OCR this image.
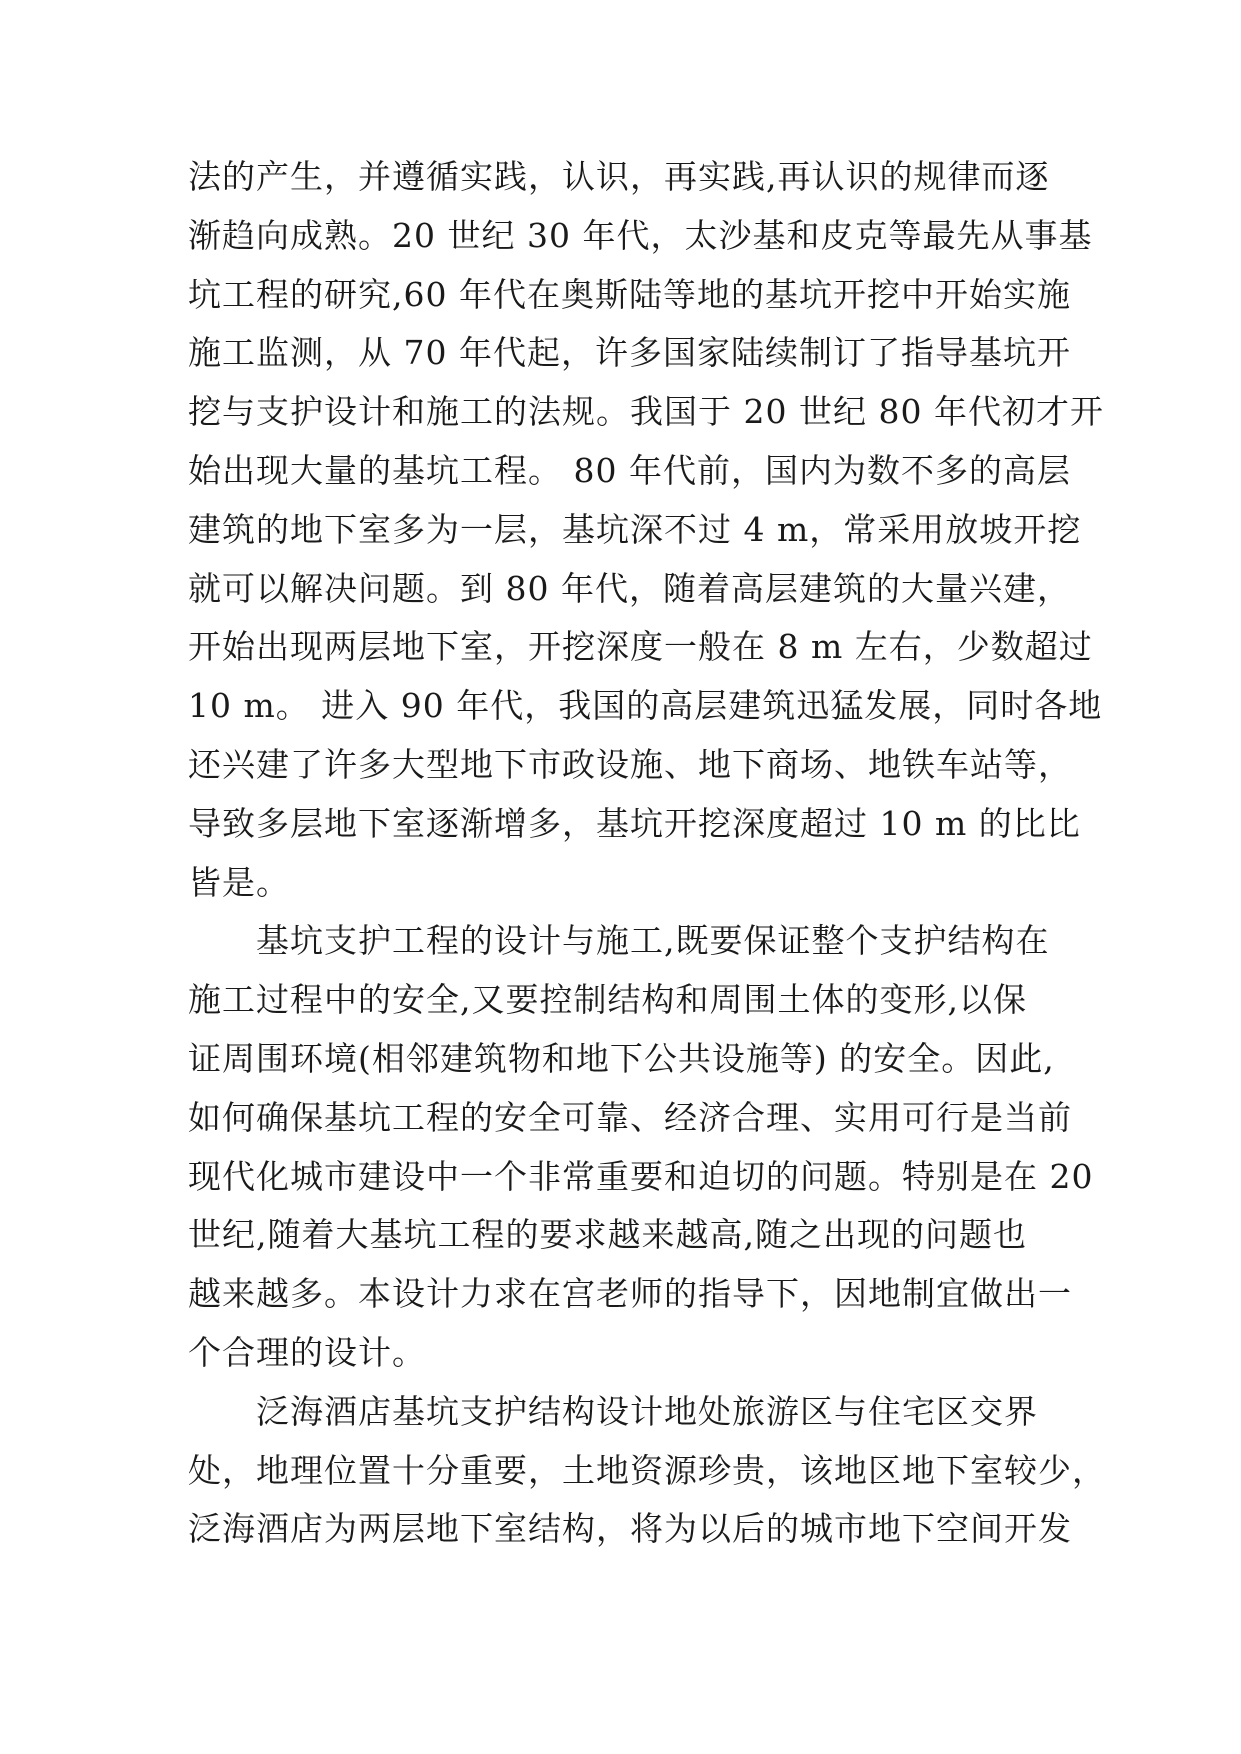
法的产生，并遵循实践，认识，再实践,再认识的规律而逐
渐趋向成熟。20 世纪 30 年代，太沙基和皮克等最先从事基
坑工程的研究,60 年代在奥斯陆等地的基坑开挖中开始实施
施工监测，从 70 年代起，许多国家陆续制订了指导基坑开
挖与支护设计和施工的法规。我国于 20 世纪 80 年代初才开
始出现大量的基坑工程。 80 年代前，国内为数不多的高层
建筑的地下室多为一层，基坑深不过 4 m，常采用放坡开挖
就可以解决问题。到 80 年代，随着高层建筑的大量兴建，
开始出现两层地下室，开挖深度一般在 8 m 左右，少数超过
10 m。 进入 90 年代，我国的高层建筑迅猛发展，同时各地
还兴建了许多大型地下市政设施、地下商场、地铁车站等，
导致多层地下室逐渐增多，基坑开挖深度超过 10 m 的比比
皆是。
基坑支护工程的设计与施工,既要保证整个支护结构在
施工过程中的安全,又要控制结构和周围土体的变形,以保
证周围环境(相邻建筑物和地下公共设施等) 的安全。因此,
如何确保基坑工程的安全可靠、经济合理、实用可行是当前
现代化城市建设中一个非常重要和迫切的问题。特别是在 20
世纪,随着大基坑工程的要求越来越高,随之出现的问题也
越来越多。本设计力求在宫老师的指导下，因地制宜做出一
个合理的设计。
泛海酒店基坑支护结构设计地处旅游区与住宅区交界
处，地理位置十分重要，土地资源珍贵，该地区地下室较少，
泛海酒店为两层地下室结构，将为以后的城市地下空间开发
